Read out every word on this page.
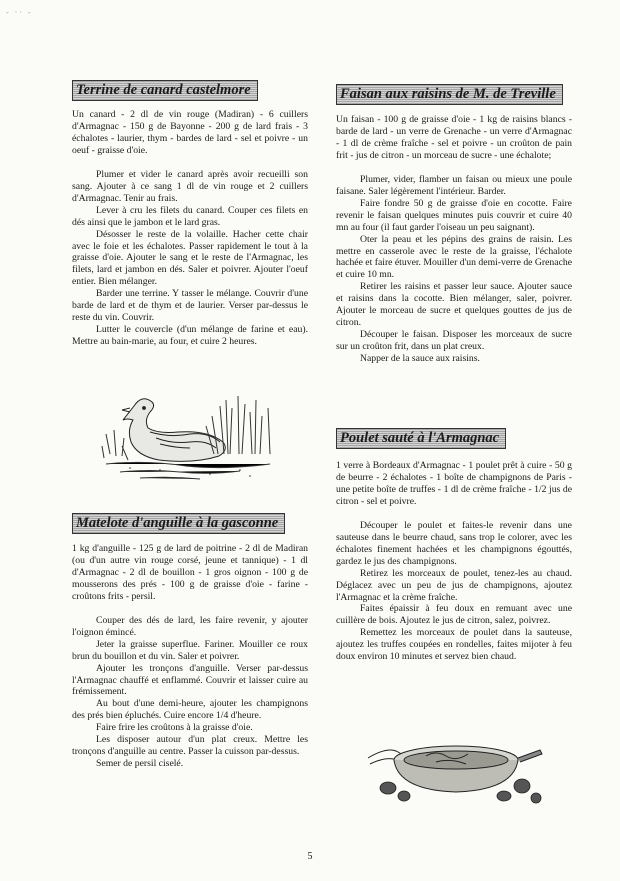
- ·· -
Terrine de canard castelmore

Un canard - 2 dl de vin rouge (Madiran) - 6 cuillers d'Armagnac - 150 g de Bayonne - 200 g de lard frais - 3 échalotes - laurier, thym - bardes de lard - sel et poivre - un oeuf - graisse d'oie.

Plumer et vider le canard après avoir recueilli son sang. Ajouter à ce sang 1 dl de vin rouge et 2 cuillers d'Armagnac. Tenir au frais.

Lever à cru les filets du canard. Couper ces filets en dés ainsi que le jambon et le lard gras.

Désosser le reste de la volaille. Hacher cette chair avec le foie et les échalotes. Passer rapidement le tout à la graisse d'oie. Ajouter le sang et le reste de l'Armagnac, les filets, lard et jambon en dés. Saler et poivrer. Ajouter l'oeuf entier. Bien mélanger.

Barder une terrine. Y tasser le mélange. Couvrir d'une barde de lard et de thym et de laurier. Verser par-dessus le reste du vin. Couvrir.

Lutter le couvercle (d'un mélange de farine et eau). Mettre au bain-marie, au four, et cuire 2 heures.

Matelote d'anguille à la gasconne

1 kg d'anguille - 125 g de lard de poitrine - 2 dl de Madiran (ou d'un autre vin rouge corsé, jeune et tannique) - 1 dl d'Armagnac - 2 dl de bouillon - 1 gros oignon - 100 g de mousserons des prés - 100 g de graisse d'oie - farine - croûtons frits - persil.

Couper des dés de lard, les faire revenir, y ajouter l'oignon émincé.

Jeter la graisse superflue. Fariner. Mouiller ce roux brun du bouillon et du vin. Saler et poivrer.

Ajouter les tronçons d'anguille. Verser par-dessus l'Armagnac chauffé et enflammé. Couvrir et laisser cuire au frémissement.

Au bout d'une demi-heure, ajouter les champignons des prés bien épluchés. Cuire encore 1/4 d'heure.

Faire frire les croûtons à la graisse d'oie.

Les disposer autour d'un plat creux. Mettre les tronçons d'anguille au centre. Passer la cuisson par-dessus.

Semer de persil ciselé.

Faisan aux raisins de M. de Treville

Un faisan - 100 g de graisse d'oie - 1 kg de raisins blancs - barde de lard - un verre de Grenache - un verre d'Armagnac - 1 dl de crème fraîche - sel et poivre - un croûton de pain frit - jus de citron - un morceau de sucre - une échalote;

Plumer, vider, flamber un faisan ou mieux une poule faisane. Saler légèrement l'intérieur. Barder.

Faire fondre 50 g de graisse d'oie en cocotte. Faire revenir le faisan quelques minutes puis couvrir et cuire 40 mn au four (il faut garder l'oiseau un peu saignant).

Oter la peau et les pépins des grains de raisin. Les mettre en casserole avec le reste de la graisse, l'échalote hachée et faire étuver. Mouiller d'un demi-verre de Grenache et cuire 10 mn.

Retirer les raisins et passer leur sauce. Ajouter sauce et raisins dans la cocotte. Bien mélanger, saler, poivrer. Ajouter le morceau de sucre et quelques gouttes de jus de citron.

Découper le faisan. Disposer les morceaux de sucre sur un croûton frit, dans un plat creux.

Napper de la sauce aux raisins.

Poulet sauté à l'Armagnac

1 verre à Bordeaux d'Armagnac - 1 poulet prêt à cuire - 50 g de beurre - 2 échalotes - 1 boîte de champignons de Paris - une petite boîte de truffes - 1 dl de crème fraîche - 1/2 jus de citron - sel et poivre.

Découper le poulet et faites-le revenir dans une sauteuse dans le beurre chaud, sans trop le colorer, avec les échalotes finement hachées et les champignons égouttés, gardez le jus des champignons.

Retirez les morceaux de poulet, tenez-les au chaud. Déglacez avec un peu de jus de champignons, ajoutez l'Armagnac et la crème fraîche.

Faites épaissir à feu doux en remuant avec une cuillère de bois. Ajoutez le jus de citron, salez, poivrez.

Remettez les morceaux de poulet dans la sauteuse, ajoutez les truffes coupées en rondelles, faites mijoter à feu doux environ 10 minutes et servez bien chaud.

5
